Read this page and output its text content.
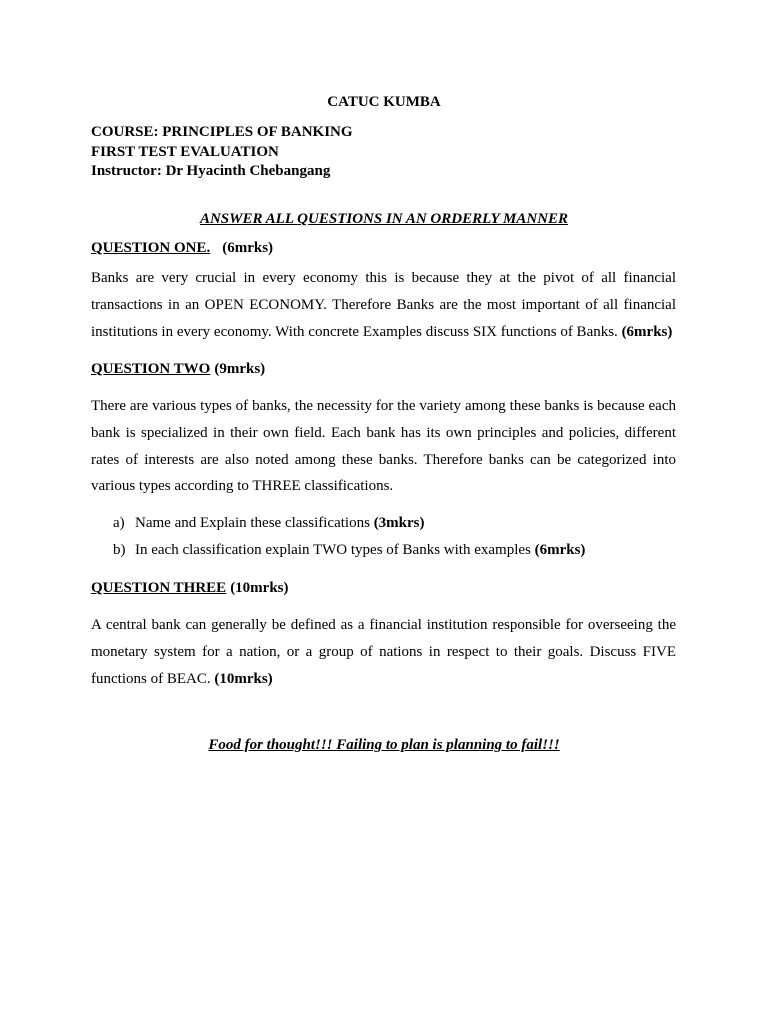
CATUC KUMBA
COURSE: PRINCIPLES OF BANKING
FIRST TEST EVALUATION
Instructor: Dr Hyacinth Chebangang
ANSWER ALL QUESTIONS IN AN ORDERLY MANNER
QUESTION ONE. (6mrks)
Banks are very crucial in every economy this is because they at the pivot of all financial transactions in an OPEN ECONOMY. Therefore Banks are the most important of all financial institutions in every economy. With concrete Examples discuss SIX functions of Banks. (6mrks)
QUESTION TWO (9mrks)
There are various types of banks, the necessity for the variety among these banks is because each bank is specialized in their own field. Each bank has its own principles and policies, different rates of interests are also noted among these banks. Therefore banks can be categorized into various types according to THREE classifications.
a) Name and Explain these classifications (3mkrs)
b) In each classification explain TWO types of Banks with examples (6mrks)
QUESTION THREE (10mrks)
A central bank can generally be defined as a financial institution responsible for overseeing the monetary system for a nation, or a group of nations in respect to their goals. Discuss FIVE functions of BEAC. (10mrks)
Food for thought!!! Failing to plan is planning to fail!!!
